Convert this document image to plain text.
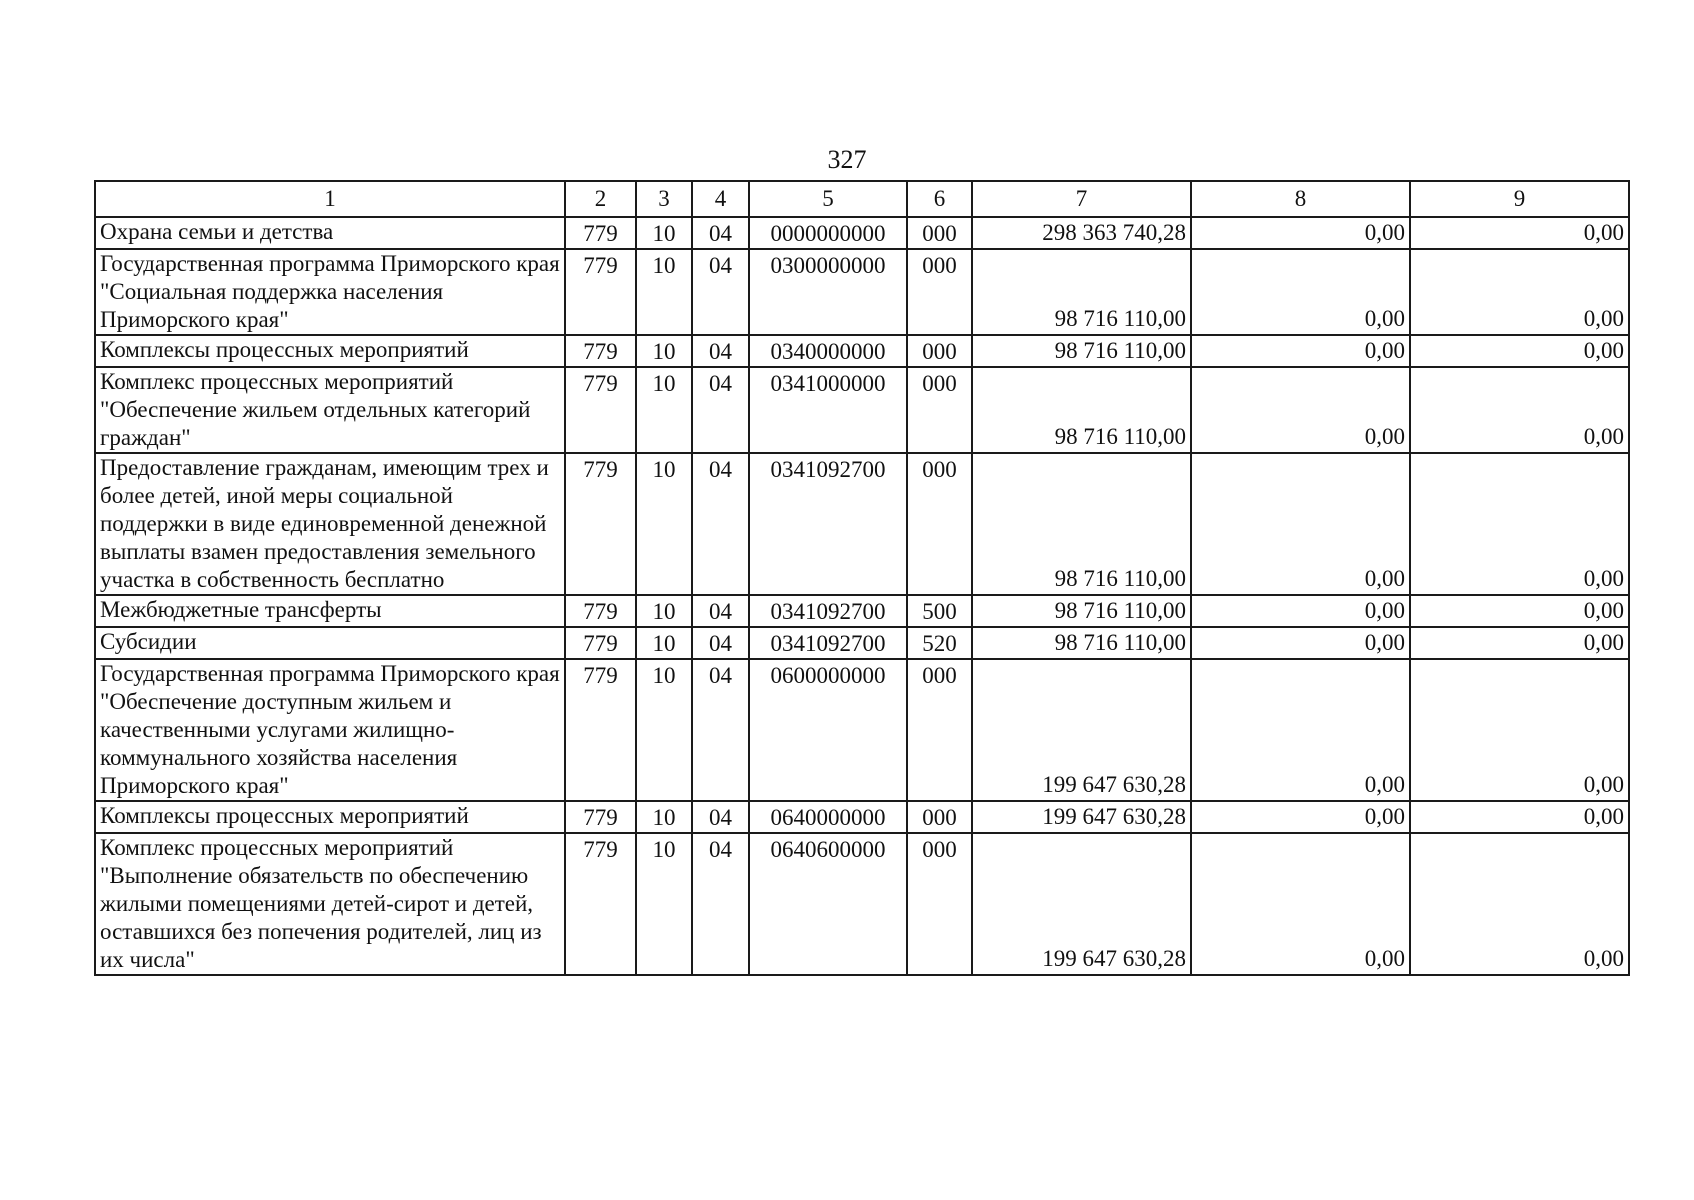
327
1	2	3	4	5	6	7	8	9
Охрана семьи и детства	779	10	04	0000000000	000	298 363 740,28	0,00	0,00
Государственная программа Приморского края "Социальная поддержка населения Приморского края"	779	10	04	0300000000	000	98 716 110,00	0,00	0,00
Комплексы процессных мероприятий	779	10	04	0340000000	000	98 716 110,00	0,00	0,00
Комплекс процессных мероприятий "Обеспечение жильем отдельных категорий граждан"	779	10	04	0341000000	000	98 716 110,00	0,00	0,00
Предоставление гражданам, имеющим трех и более детей, иной меры социальной поддержки в виде единовременной денежной выплаты взамен предоставления земельного участка в собственность бесплатно	779	10	04	0341092700	000	98 716 110,00	0,00	0,00
Межбюджетные трансферты	779	10	04	0341092700	500	98 716 110,00	0,00	0,00
Субсидии	779	10	04	0341092700	520	98 716 110,00	0,00	0,00
Государственная программа Приморского края "Обеспечение доступным жильем и качественными услугами жилищно-коммунального хозяйства населения Приморского края"	779	10	04	0600000000	000	199 647 630,28	0,00	0,00
Комплексы процессных мероприятий	779	10	04	0640000000	000	199 647 630,28	0,00	0,00
Комплекс процессных мероприятий "Выполнение обязательств по обеспечению жилыми помещениями детей-сирот и детей, оставшихся без попечения родителей, лиц из их числа"	779	10	04	0640600000	000	199 647 630,28	0,00	0,00
